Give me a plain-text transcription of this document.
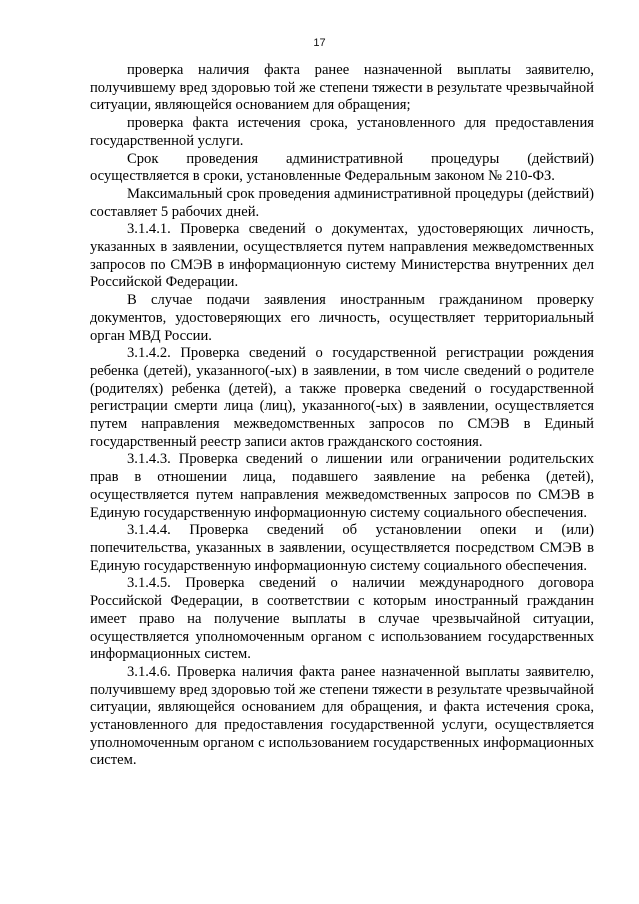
17

проверка наличия факта ранее назначенной выплаты заявителю, получившему вред здоровью той же степени тяжести в результате чрезвычайной ситуации, являющейся основанием для обращения;

проверка факта истечения срока, установленного для предоставления государственной услуги.

Срок проведения административной процедуры (действий) осуществляется в сроки, установленные Федеральным законом № 210-ФЗ.

Максимальный срок проведения административной процедуры (действий) составляет 5 рабочих дней.

3.1.4.1. Проверка сведений о документах, удостоверяющих личность, указанных в заявлении, осуществляется путем направления межведомственных запросов по СМЭВ в информационную систему Министерства внутренних дел Российской Федерации.

В случае подачи заявления иностранным гражданином проверку документов, удостоверяющих его личность, осуществляет территориальный орган МВД России.

3.1.4.2. Проверка сведений о государственной регистрации рождения ребенка (детей), указанного(-ых) в заявлении, в том числе сведений о родителе (родителях) ребенка (детей), а также проверка сведений о государственной регистрации смерти лица (лиц), указанного(-ых) в заявлении, осуществляется путем направления межведомственных запросов по СМЭВ в Единый государственный реестр записи актов гражданского состояния.

3.1.4.3. Проверка сведений о лишении или ограничении родительских прав в отношении лица, подавшего заявление на ребенка (детей), осуществляется путем направления межведомственных запросов по СМЭВ в Единую государственную информационную систему социального обеспечения.

3.1.4.4. Проверка сведений об установлении опеки и (или) попечительства, указанных в заявлении, осуществляется посредством СМЭВ в Единую государственную информационную систему социального обеспечения.

3.1.4.5. Проверка сведений о наличии международного договора Российской Федерации, в соответствии с которым иностранный гражданин имеет право на получение выплаты в случае чрезвычайной ситуации, осуществляется уполномоченным органом с использованием государственных информационных систем.

3.1.4.6. Проверка наличия факта ранее назначенной выплаты заявителю, получившему вред здоровью той же степени тяжести в результате чрезвычайной ситуации, являющейся основанием для обращения, и факта истечения срока, установленного для предоставления государственной услуги, осуществляется уполномоченным органом с использованием государственных информационных систем.
